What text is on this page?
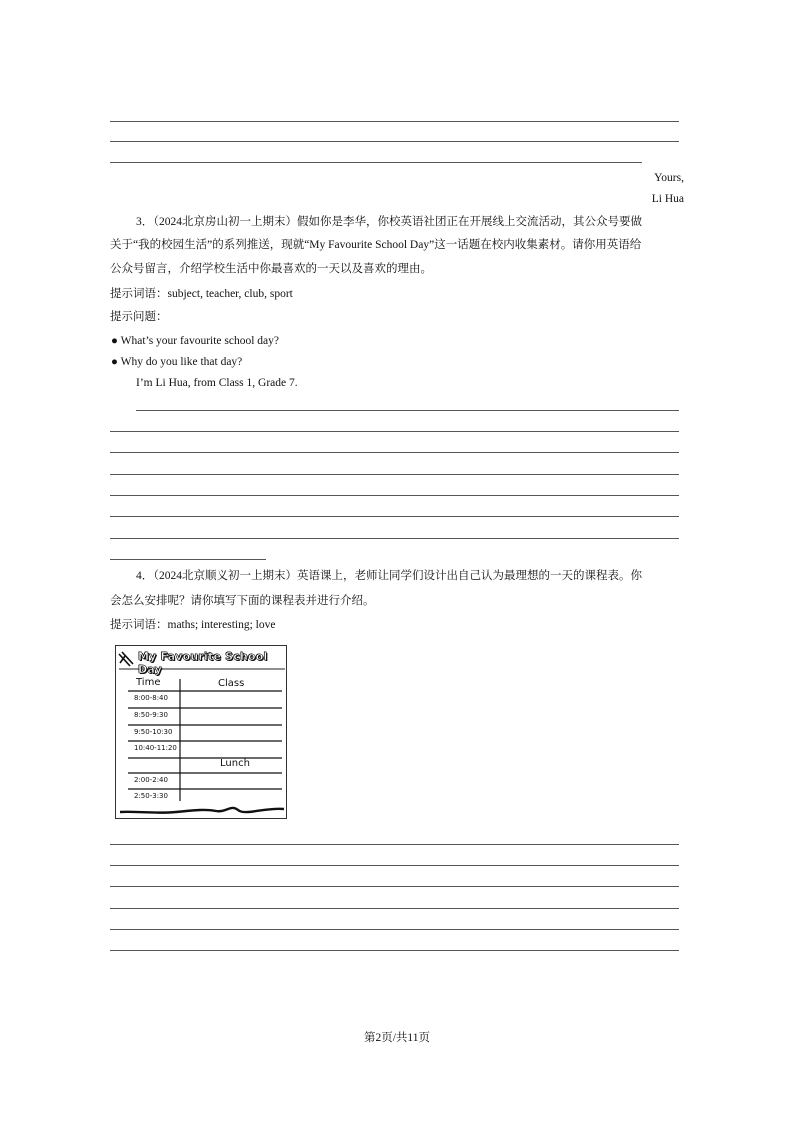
Yours,
Li Hua
3．（2024北京房山初一上期末）假如你是李华，你校英语社团正在开展线上交流活动，其公众号要做
关于“我的校园生活”的系列推送，现就“My Favourite School Day”这一话题在校内收集素材。请你用英语给
公众号留言，介绍学校生活中你最喜欢的一天以及喜欢的理由。
提示词语：subject, teacher, club, sport
提示问题：
● What’s your favourite school day?
● Why do you like that day?
I’m Li Hua, from Class 1, Grade 7.
4．（2024北京顺义初一上期末）英语课上，老师让同学们设计出自己认为最理想的一天的课程表。你
会怎么安排呢？请你填写下面的课程表并进行介绍。
提示词语：maths; interesting; love
My Favourite School Day
Time	Class
8:00-8:40
8:50-9:30
9:50-10:30
10:40-11:20
Lunch
2:00-2:40
2:50-3:30
第2页/共11页
